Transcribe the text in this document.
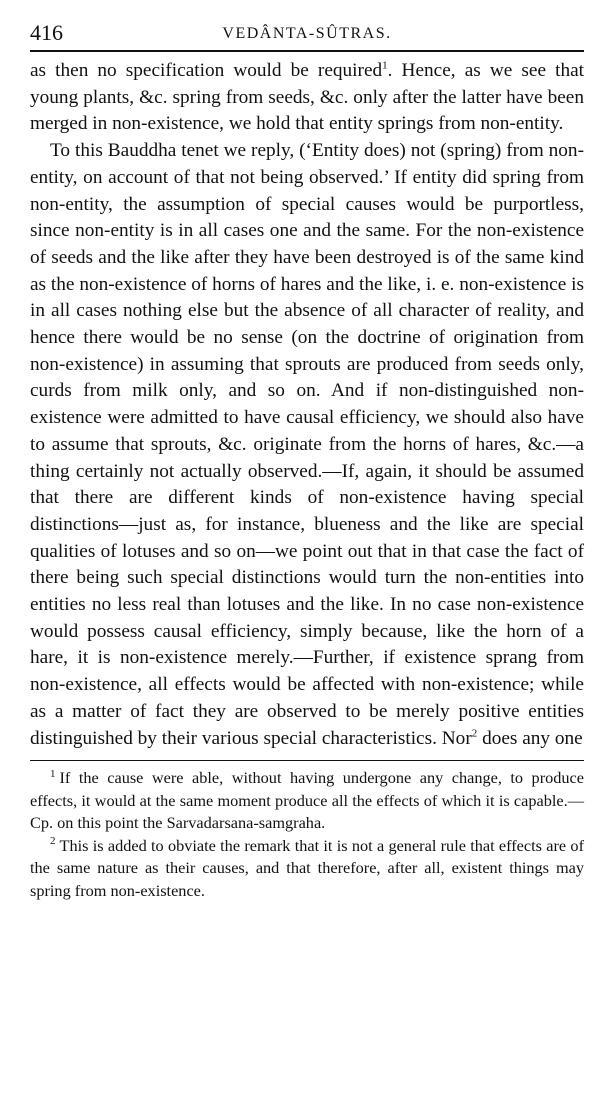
416	VEDÂNTA-SÛTRAS.

as then no specification would be required$^1$. Hence, as we see that young plants, &c. spring from seeds, &c. only after the latter have been merged in non-existence, we hold that entity springs from non-entity.

To this Bauddha tenet we reply, (‘Entity does) not (spring) from non-entity, on account of that not being observed.’ If entity did spring from non-entity, the assumption of special causes would be purportless, since non-entity is in all cases one and the same. For the non-existence of seeds and the like after they have been destroyed is of the same kind as the non-existence of horns of hares and the like, i. e. non-existence is in all cases nothing else but the absence of all character of reality, and hence there would be no sense (on the doctrine of origination from non-existence) in assuming that sprouts are produced from seeds only, curds from milk only, and so on. And if non-distinguished non-existence were admitted to have causal efficiency, we should also have to assume that sprouts, &c. originate from the horns of hares, &c.—a thing certainly not actually observed.—If, again, it should be assumed that there are different kinds of non-existence having special distinctions—just as, for instance, blueness and the like are special qualities of lotuses and so on—we point out that in that case the fact of there being such special distinctions would turn the non-entities into entities no less real than lotuses and the like. In no case non-existence would possess causal efficiency, simply because, like the horn of a hare, it is non-existence merely.—Further, if existence sprang from non-existence, all effects would be affected with non-existence; while as a matter of fact they are observed to be merely positive entities distinguished by their various special characteristics. Nor$^2$ does any one

$^1$ If the cause were able, without having undergone any change, to produce effects, it would at the same moment produce all the effects of which it is capable.—Cp. on this point the Sarvadarsana-samgraha.

$^2$ This is added to obviate the remark that it is not a general rule that effects are of the same nature as their causes, and that therefore, after all, existent things may spring from non-existence.
